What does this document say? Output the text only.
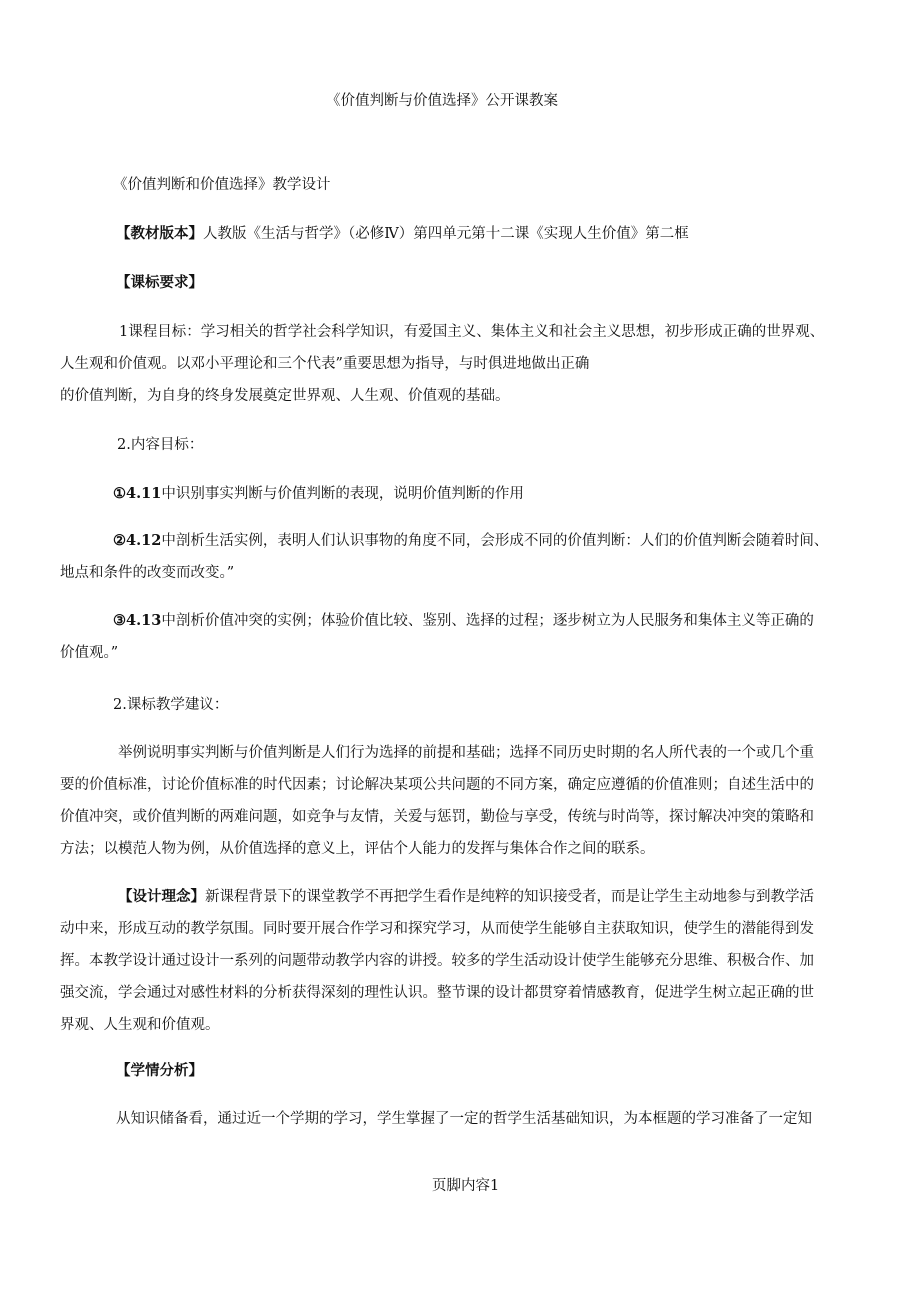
《价值判断与价值选择》公开课教案

《价值判断和价值选择》教学设计

【教材版本】人教版《生活与哲学》（必修Ⅳ）第四单元第十二课《实现人生价值》第二框

【课标要求】

1课程目标：学习相关的哲学社会科学知识，有爱国主义、集体主义和社会主义思想，初步形成正确的世界观、
人生观和价值观。以邓小平理论和三个代表”重要思想为指导，与时俱进地做出正确
的价值判断，为自身的终身发展奠定世界观、人生观、价值观的基础。

2.内容目标：

①4.11中识别事实判断与价值判断的表现，说明价值判断的作用

②4.12中剖析生活实例，表明人们认识事物的角度不同，会形成不同的价值判断：人们的价值判断会随着时间、
地点和条件的改变而改变。”
③4.13中剖析价值冲突的实例；体验价值比较、鉴别、选择的过程；逐步树立为人民服务和集体主义等正确的
价值观。”

2.课标教学建议：

举例说明事实判断与价值判断是人们行为选择的前提和基础；选择不同历史时期的名人所代表的一个或几个重
要的价值标准，讨论价值标准的时代因素；讨论解决某项公共问题的不同方案，确定应遵循的价值准则；自述生活中的
价值冲突，或价值判断的两难问题，如竞争与友情，关爱与惩罚，勤俭与享受，传统与时尚等，探讨解决冲突的策略和
方法；以模范人物为例，从价值选择的意义上，评估个人能力的发挥与集体合作之间的联系。
【设计理念】新课程背景下的课堂教学不再把学生看作是纯粹的知识接受者，而是让学生主动地参与到教学活
动中来，形成互动的教学氛围。同时要开展合作学习和探究学习，从而使学生能够自主获取知识，使学生的潜能得到发
挥。本教学设计通过设计一系列的问题带动教学内容的讲授。较多的学生活动设计使学生能够充分思维、积极合作、加
强交流，学会通过对感性材料的分析获得深刻的理性认识。整节课的设计都贯穿着情感教育，促进学生树立起正确的世
界观、人生观和价值观。

【学情分析】

从知识储备看，通过近一个学期的学习，学生掌握了一定的哲学生活基础知识，为本框题的学习准备了一定知

页脚内容1
